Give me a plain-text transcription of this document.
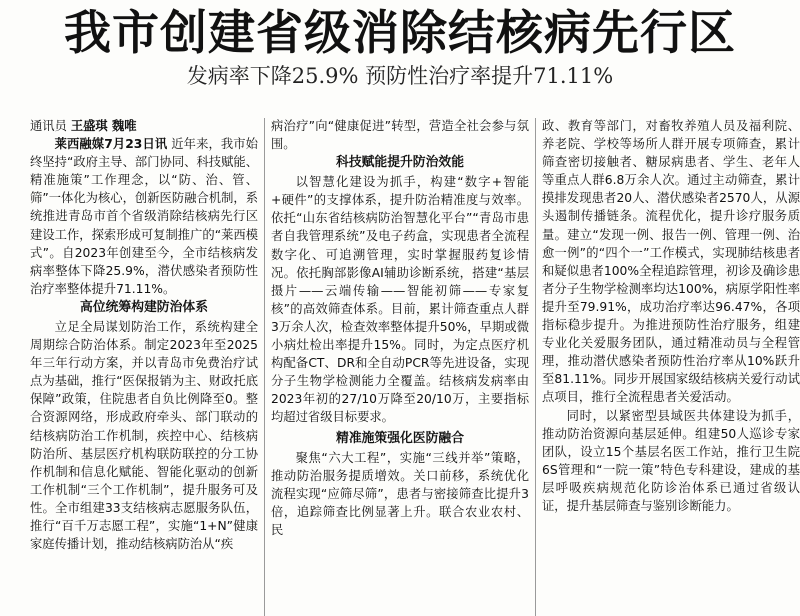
我市创建省级消除结核病先行区
发病率下降25.9% 预防性治疗率提升71.11%
通讯员 王盛琪 魏唯

莱西融媒7月23日讯 近年来，我市始终坚持“政府主导、部门协同、科技赋能、精准施策”工作理念，以“防、治、管、筛”一体化为核心，创新医防融合机制，系统推进青岛市首个省级消除结核病先行区建设工作，探索形成可复制推广的“莱西模式”。自2023年创建至今，全市结核病发病率整体下降25.9%，潜伏感染者预防性治疗率整体提升71.11%。

高位统筹构建防治体系

立足全局谋划防治工作，系统构建全周期综合防治体系。制定2023年至2025年三年行动方案，并以青岛市免费治疗试点为基础，推行“医保报销为主、财政托底保障”政策，住院患者自负比例降至0。整合资源网络，形成政府牵头、部门联动的结核病防治工作机制，疾控中心、结核病防治所、基层医疗机构联防联控的分工协作机制和信息化赋能、智能化驱动的创新工作机制“三个工作机制”，提升服务可及性。全市组建33支结核病志愿服务队伍，推行“百千万志愿工程”，实施“1+N”健康家庭传播计划，推动结核病防治从“疾

病治疗”向“健康促进”转型，营造全社会参与氛围。

科技赋能提升防治效能

以智慧化建设为抓手，构建“数字+智能+硬件”的支撑体系，提升防治精准度与效率。依托“山东省结核病防治智慧化平台”“青岛市患者自我管理系统”及电子药盒，实现患者全流程数字化、可追溯管理，实时掌握服药复诊情况。依托胸部影像AI辅助诊断系统，搭建“基层摄片——云端传输——智能初筛——专家复核”的高效筛查体系。目前，累计筛查重点人群3万余人次，检查效率整体提升50%，早期或微小病灶检出率提升15%。同时，为定点医疗机构配备CT、DR和全自动PCR等先进设备，实现分子生物学检测能力全覆盖。结核病发病率由2023年初的27/10万降至20/10万，主要指标均超过省级目标要求。

精准施策强化医防融合

聚焦“六大工程”，实施“三线并举”策略，推动防治服务提质增效。关口前移，系统优化流程实现“应筛尽筛”，患者与密接筛查比提升3倍，追踪筛查比例显著上升。联合农业农村、民

政、教育等部门，对畜牧养殖人员及福利院、养老院、学校等场所人群开展专项筛查，累计筛查密切接触者、糖尿病患者、学生、老年人等重点人群6.8万余人次。通过主动筛查，累计摸排发现患者20人、潜伏感染者2570人，从源头遏制传播链条。流程优化，提升诊疗服务质量。建立“发现一例、报告一例、管理一例、治愈一例”的“四个一”工作模式，实现肺结核患者和疑似患者100%全程追踪管理，初诊及确诊患者分子生物学检测率均达100%，病原学阳性率提升至79.91%，成功治疗率达96.47%，各项指标稳步提升。为推进预防性治疗服务，组建专业化关爱服务团队，通过精准动员与全程管理，推动潜伏感染者预防性治疗率从10%跃升至81.11%。同步开展国家级结核病关爱行动试点项目，推行全流程患者关爱活动。

同时，以紧密型县域医共体建设为抓手，推动防治资源向基层延伸。组建50人巡诊专家团队，设立15个基层名医工作站，推行卫生院6S管理和“一院一策”特色专科建设，建成的基层呼吸疾病规范化防诊治体系已通过省级认证，提升基层筛查与鉴别诊断能力。
